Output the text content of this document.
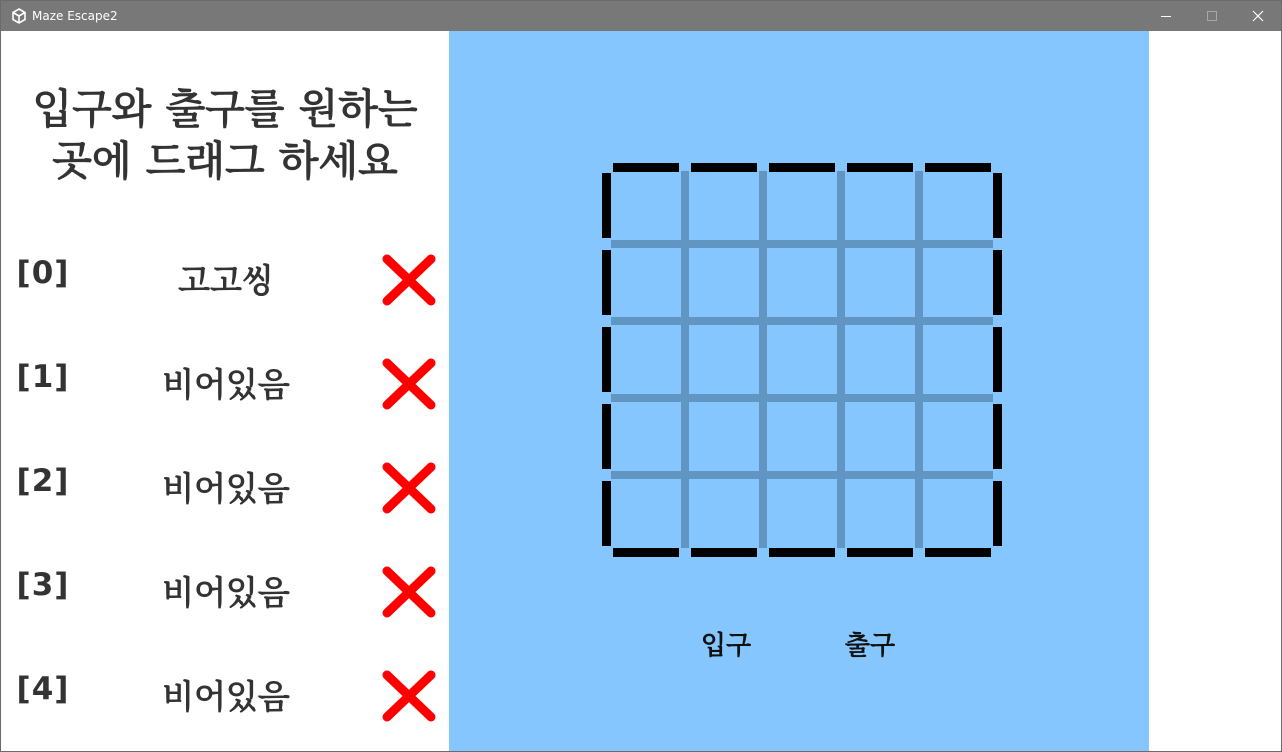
Maze Escape2
입구와 출구를 원하는
곳에 드래그 하세요
[0]	고고씽
[1]	비어있음
[2]	비어있음
[3]	비어있음
[4]	비어있음
입구	출구
